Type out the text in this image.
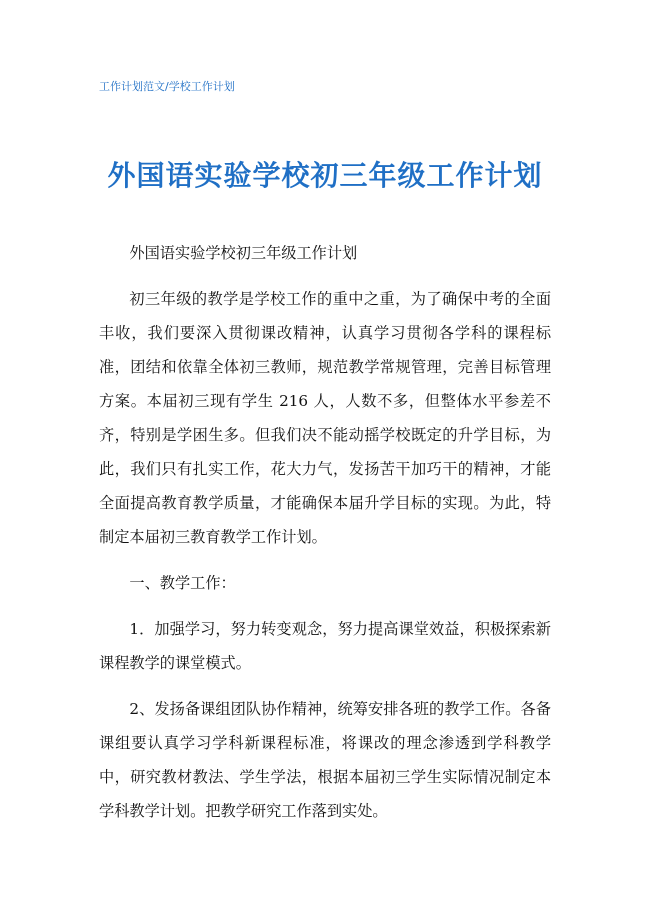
工作计划范文/学校工作计划
外国语实验学校初三年级工作计划

外国语实验学校初三年级工作计划

初三年级的教学是学校工作的重中之重，为了确保中考的全面丰收，我们要深入贯彻课改精神，认真学习贯彻各学科的课程标准，团结和依靠全体初三教师，规范教学常规管理，完善目标管理方案。本届初三现有学生 216 人，人数不多，但整体水平参差不齐，特别是学困生多。但我们决不能动摇学校既定的升学目标，为此，我们只有扎实工作，花大力气，发扬苦干加巧干的精神，才能全面提高教育教学质量，才能确保本届升学目标的实现。为此，特制定本届初三教育教学工作计划。

一、教学工作：

1．加强学习，努力转变观念，努力提高课堂效益，积极探索新课程教学的课堂模式。

2、发扬备课组团队协作精神，统筹安排各班的教学工作。各备课组要认真学习学科新课程标准，将课改的理念渗透到学科教学中，研究教材教法、学生学法，根据本届初三学生实际情况制定本学科教学计划。把教学研究工作落到实处。
